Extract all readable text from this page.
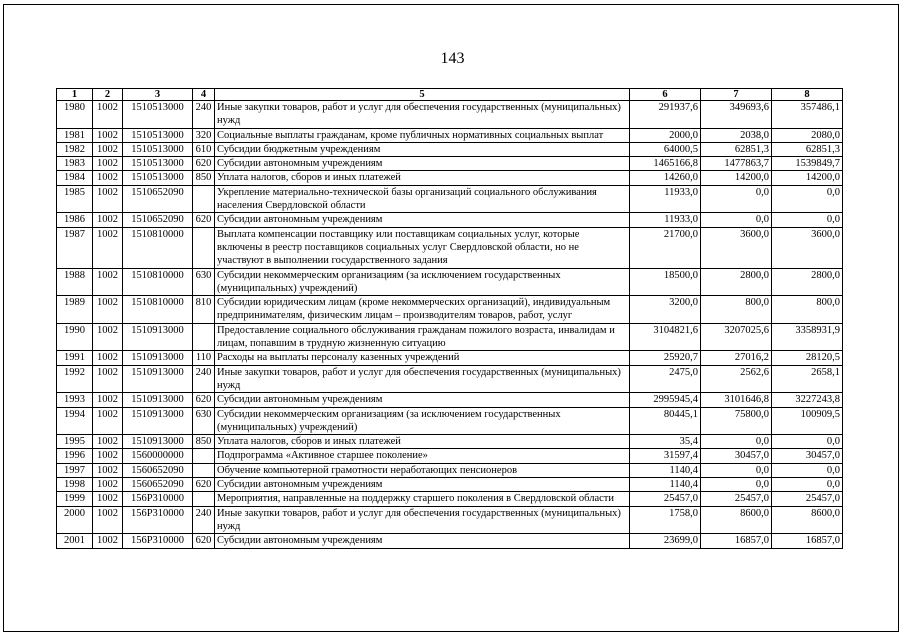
143
1	2	3	4	5	6	7	8
1980	1002	1510513000	240	Иные закупки товаров, работ и услуг для обеспечения государственных (муниципальных) нужд	291937,6	349693,6	357486,1
1981	1002	1510513000	320	Социальные выплаты гражданам, кроме публичных нормативных социальных выплат	2000,0	2038,0	2080,0
1982	1002	1510513000	610	Субсидии бюджетным учреждениям	64000,5	62851,3	62851,3
1983	1002	1510513000	620	Субсидии автономным учреждениям	1465166,8	1477863,7	1539849,7
1984	1002	1510513000	850	Уплата налогов, сборов и иных платежей	14260,0	14200,0	14200,0
1985	1002	1510652090		Укрепление материально-технической базы организаций социального обслуживания населения Свердловской области	11933,0	0,0	0,0
1986	1002	1510652090	620	Субсидии автономным учреждениям	11933,0	0,0	0,0
1987	1002	1510810000		Выплата компенсации поставщику или поставщикам социальных услуг, которые включены в реестр поставщиков социальных услуг Свердловской области, но не участвуют в выполнении государственного задания	21700,0	3600,0	3600,0
1988	1002	1510810000	630	Субсидии некоммерческим организациям (за исключением государственных (муниципальных) учреждений)	18500,0	2800,0	2800,0
1989	1002	1510810000	810	Субсидии юридическим лицам (кроме некоммерческих организаций), индивидуальным предпринимателям, физическим лицам – производителям товаров, работ, услуг	3200,0	800,0	800,0
1990	1002	1510913000		Предоставление социального обслуживания гражданам пожилого возраста, инвалидам и лицам, попавшим в трудную жизненную ситуацию	3104821,6	3207025,6	3358931,9
1991	1002	1510913000	110	Расходы на выплаты персоналу казенных учреждений	25920,7	27016,2	28120,5
1992	1002	1510913000	240	Иные закупки товаров, работ и услуг для обеспечения государственных (муниципальных) нужд	2475,0	2562,6	2658,1
1993	1002	1510913000	620	Субсидии автономным учреждениям	2995945,4	3101646,8	3227243,8
1994	1002	1510913000	630	Субсидии некоммерческим организациям (за исключением государственных (муниципальных) учреждений)	80445,1	75800,0	100909,5
1995	1002	1510913000	850	Уплата налогов, сборов и иных платежей	35,4	0,0	0,0
1996	1002	1560000000		Подпрограмма «Активное старшее поколение»	31597,4	30457,0	30457,0
1997	1002	1560652090		Обучение компьютерной грамотности неработающих пенсионеров	1140,4	0,0	0,0
1998	1002	1560652090	620	Субсидии автономным учреждениям	1140,4	0,0	0,0
1999	1002	156P310000		Мероприятия, направленные на поддержку старшего поколения в Свердловской области	25457,0	25457,0	25457,0
2000	1002	156P310000	240	Иные закупки товаров, работ и услуг для обеспечения государственных (муниципальных) нужд	1758,0	8600,0	8600,0
2001	1002	156P310000	620	Субсидии автономным учреждениям	23699,0	16857,0	16857,0
